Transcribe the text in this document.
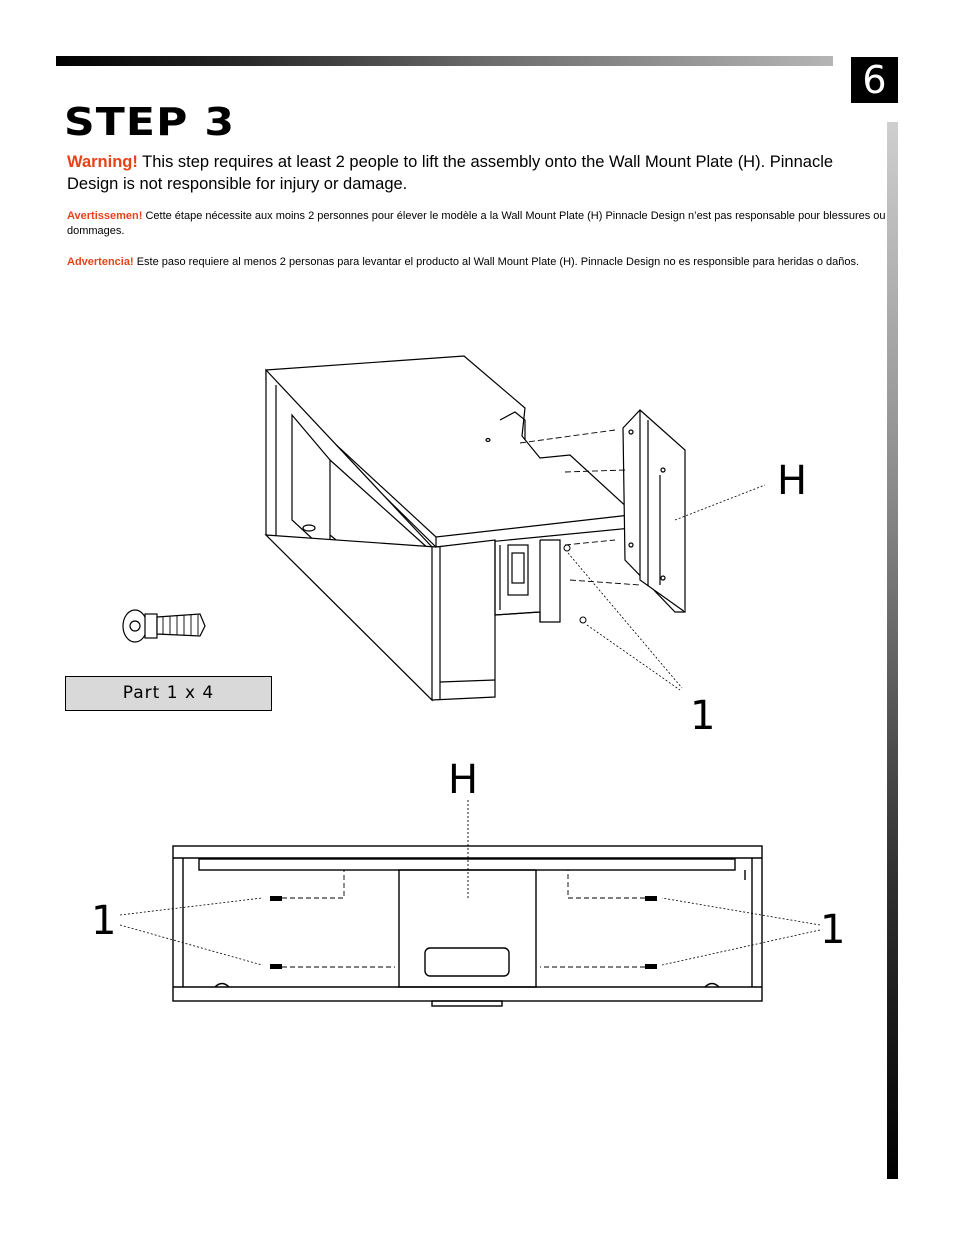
6
STEP 3
Warning! This step requires at least 2 people to lift the assembly onto the Wall Mount Plate (H). Pinnacle Design is not responsible for injury or damage.
Avertissemen! Cette étape nécessite aux moins 2 personnes pour élever le modèle a la Wall Mount Plate (H) Pinnacle Design n’est pas responsable pour blessures ou dommages.
Advertencia! Este paso requiere al menos 2 personas para levantar el producto al Wall Mount Plate (H). Pinnacle Design no es responsible para heridas o daños.
Part 1 x 4
H
1
H
1	1
